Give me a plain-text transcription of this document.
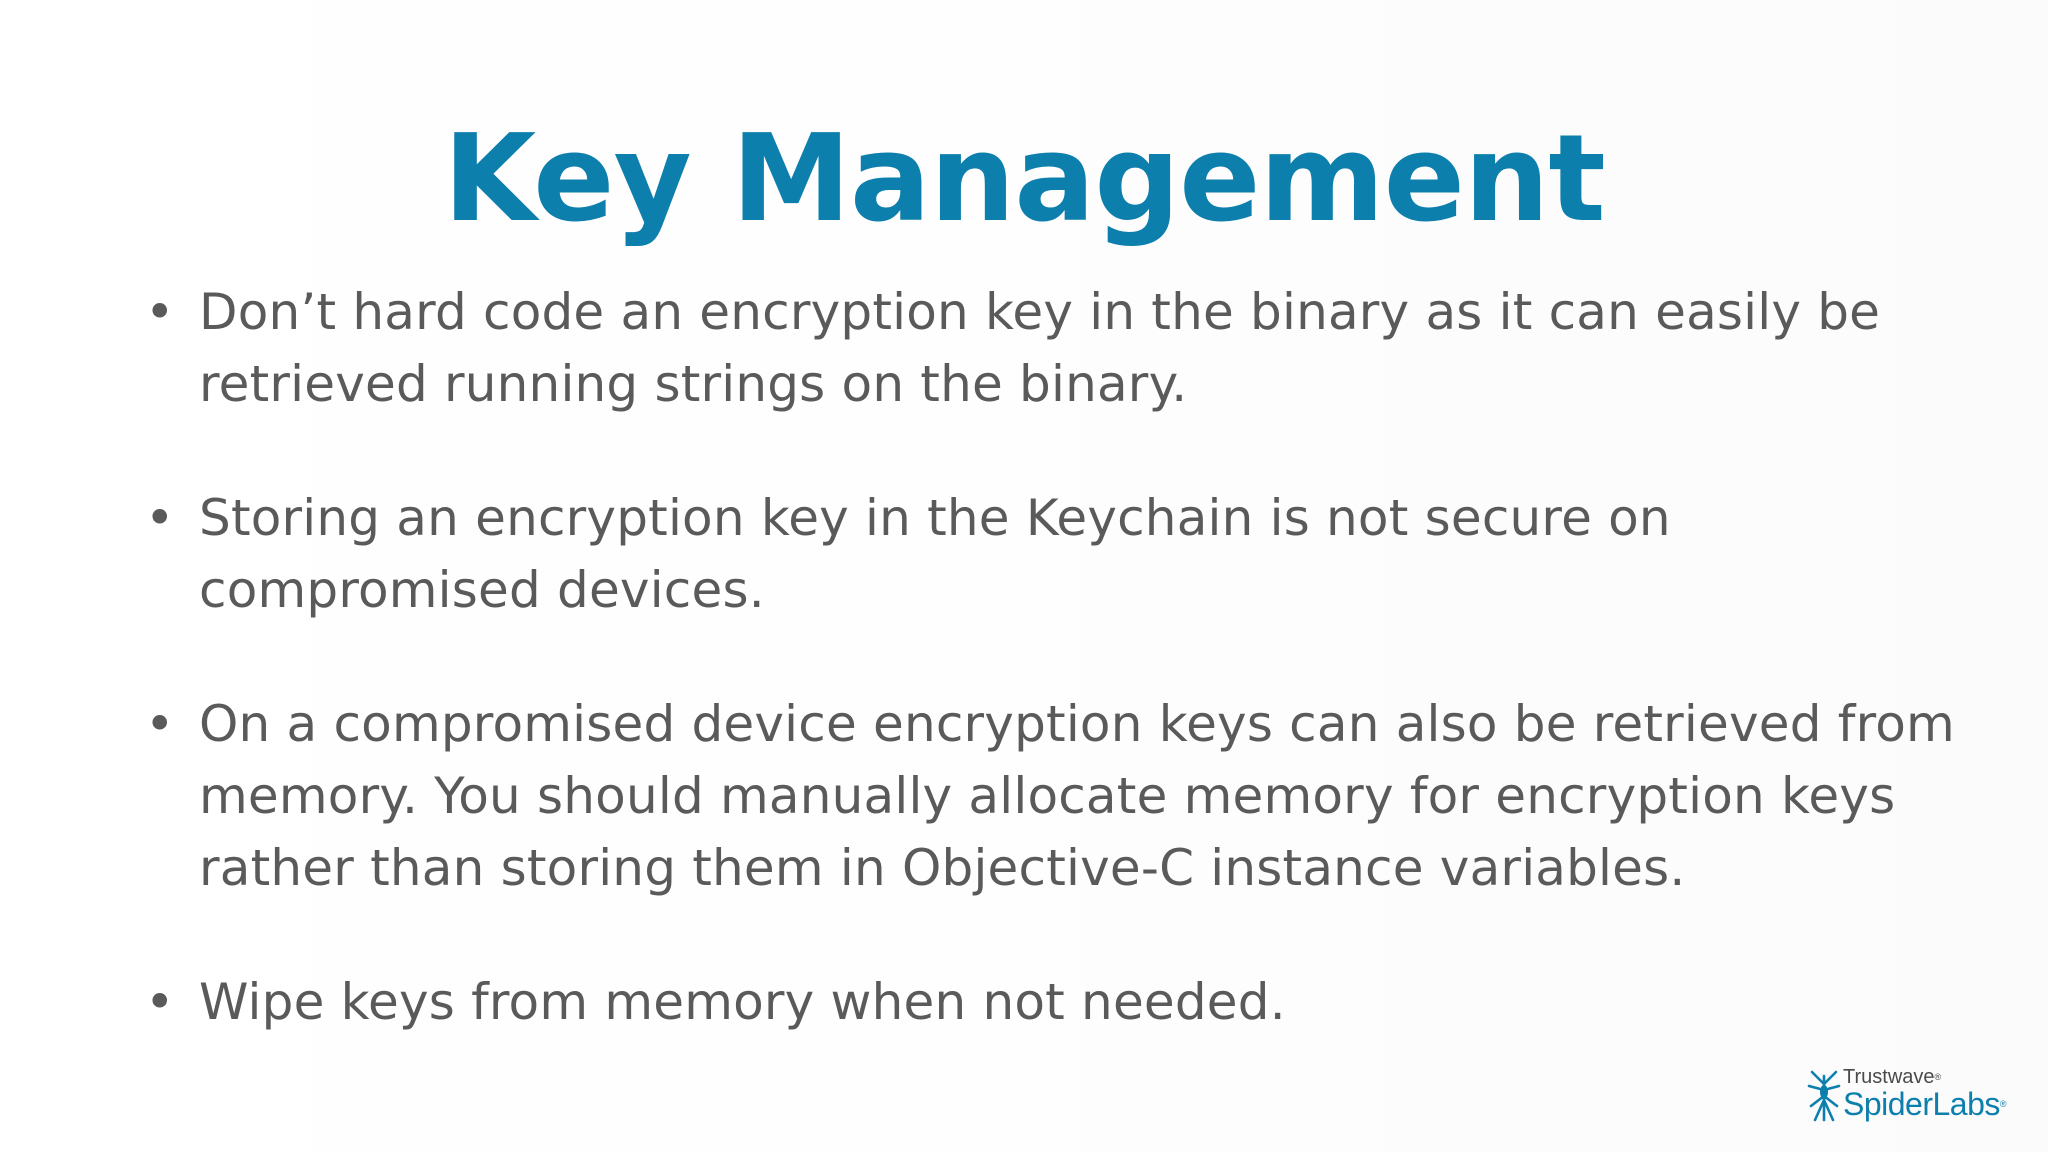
Key Management
• Don’t hard code an encryption key in the binary as it can easily be
retrieved running strings on the binary.
• Storing an encryption key in the Keychain is not secure on
compromised devices.
• On a compromised device encryption keys can also be retrieved from
memory. You should manually allocate memory for encryption keys
rather than storing them in Objective-C instance variables.
• Wipe keys from memory when not needed.
Trustwave®
SpiderLabs®
